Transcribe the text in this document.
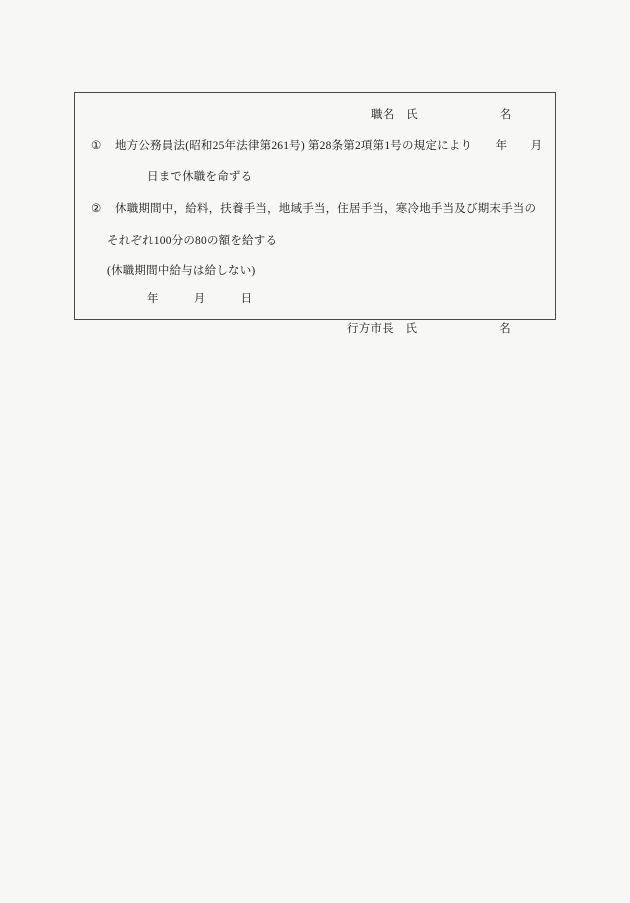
職名　氏　　　　　　　名
① 地方公務員法(昭和25年法律第261号) 第28条第2項第1号の規定により　　年　　月
日まで休職を命ずる
② 休職期間中，給料，扶養手当，地域手当，住居手当，寒冷地手当及び期末手当の
それぞれ100分の80の額を給する
(休職期間中給与は給しない)
年　　　月　　　日
行方市長　氏　　　　　　　名
